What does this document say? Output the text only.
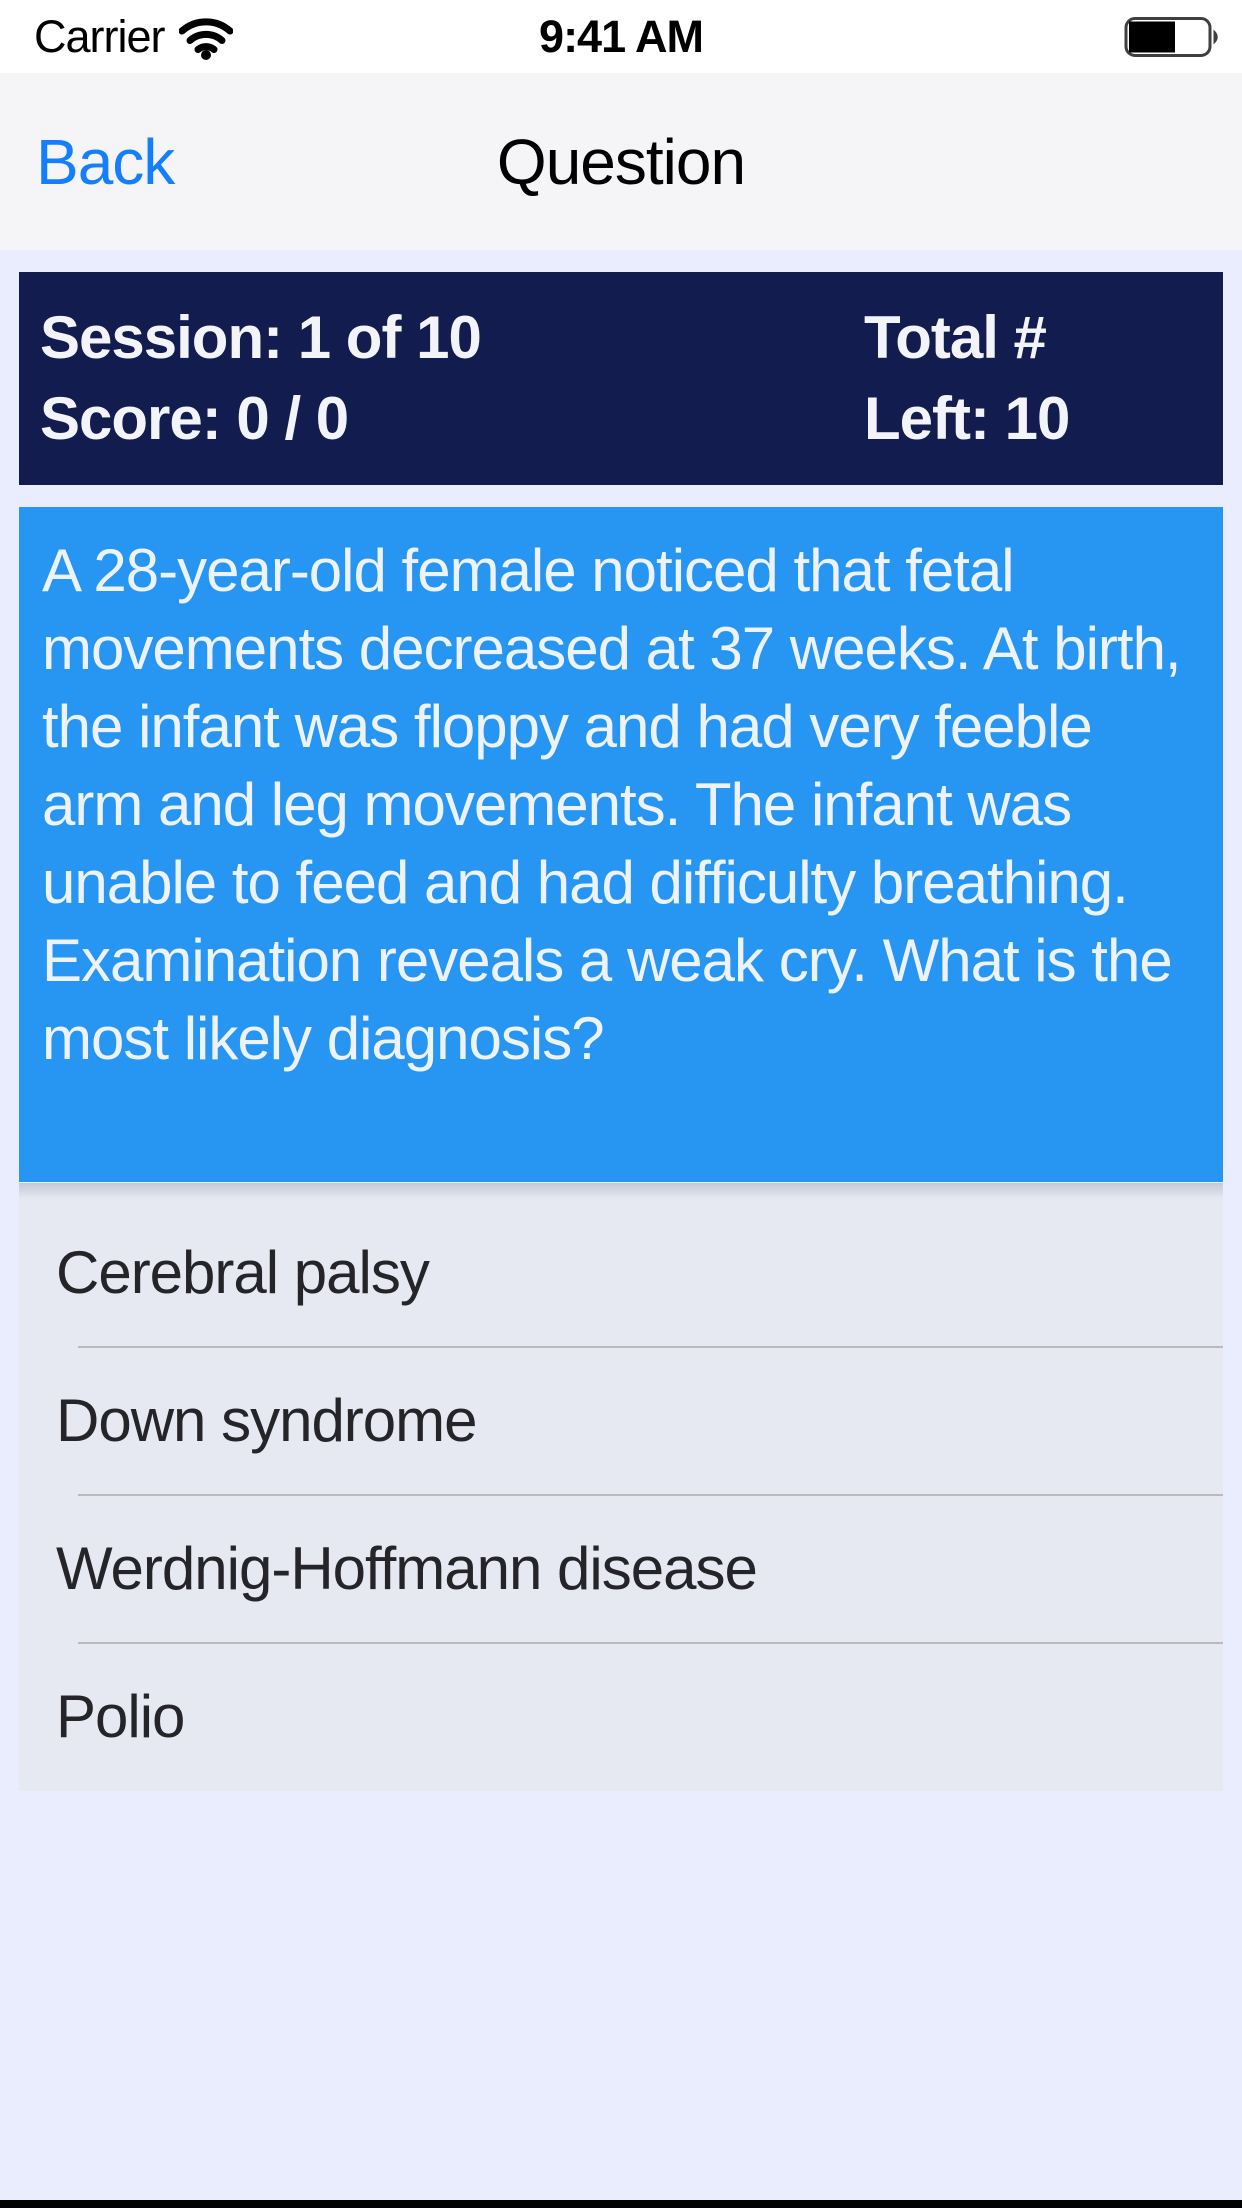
Carrier	9:41 AM
Back	Question
Session: 1 of 10
Score: 0 / 0
Total #
Left: 10

A 28-year-old female noticed that fetal movements decreased at 37 weeks. At birth, the infant was floppy and had very feeble arm and leg movements. The infant was unable to feed and had difficulty breathing. Examination reveals a weak cry. What is the most likely diagnosis?

Cerebral palsy
Down syndrome
Werdnig-Hoffmann disease
Polio
